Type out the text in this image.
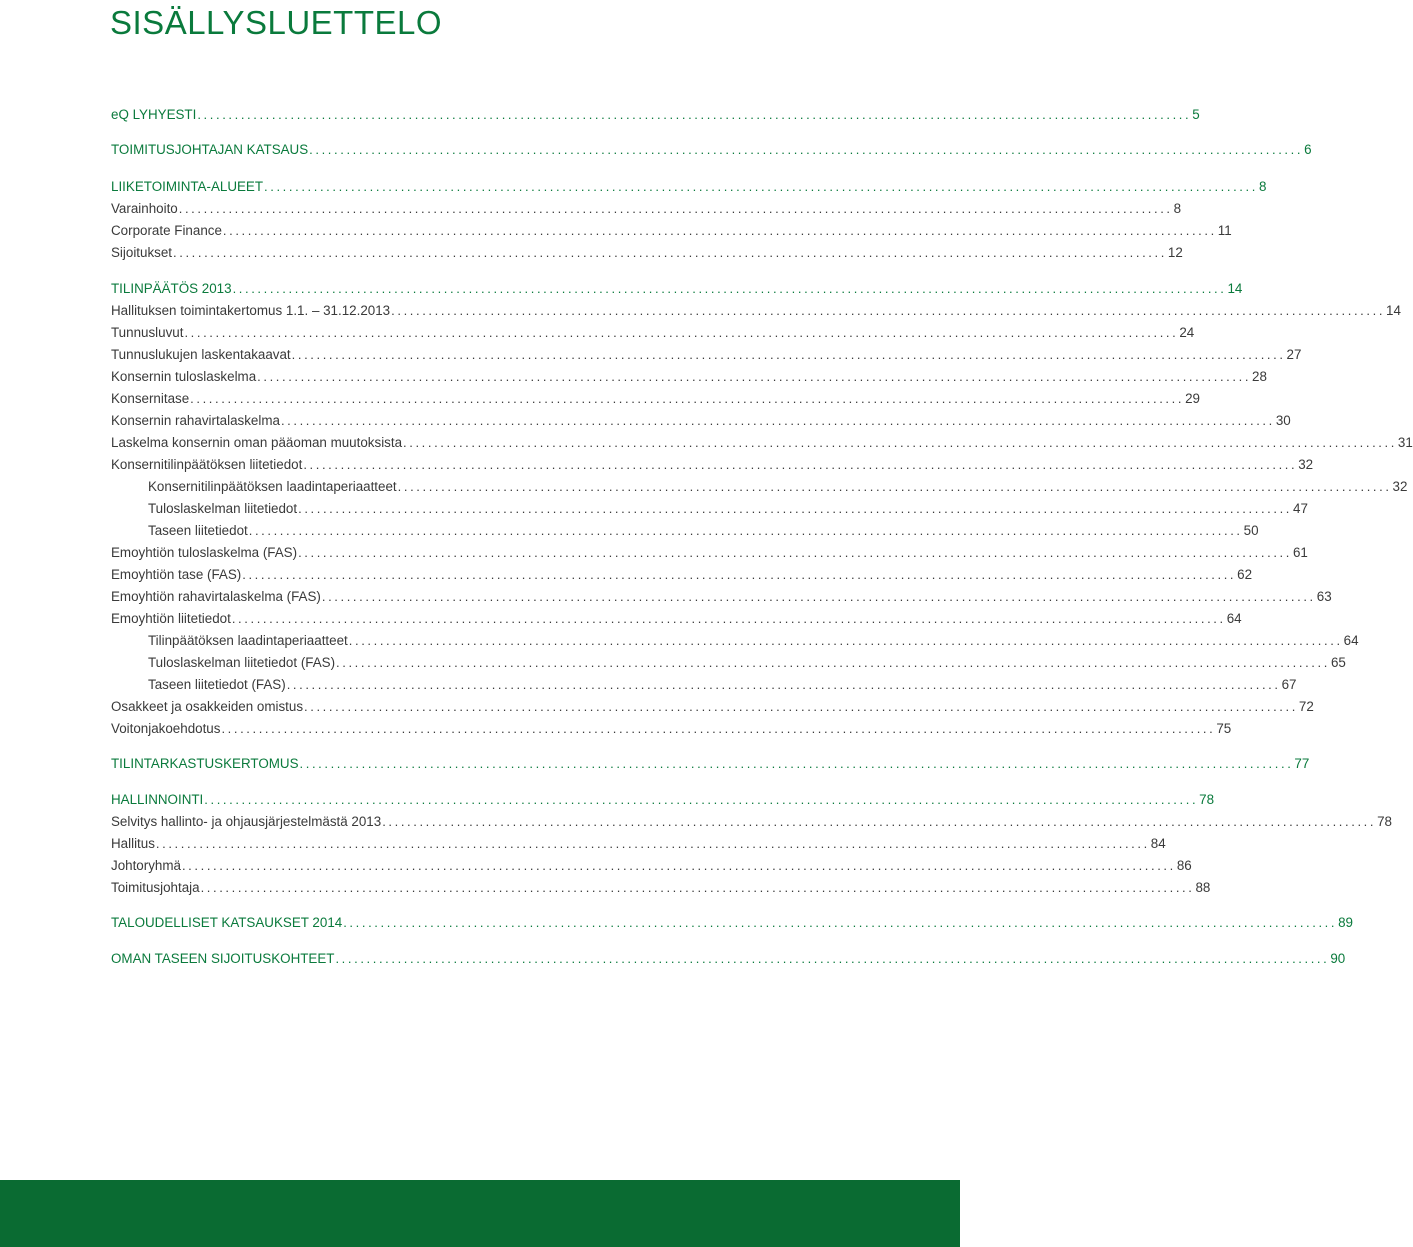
SISÄLLYSLUETTELO
eQ LYHYESTI ................................................................................................................................................................ 5
TOIMITUSJOHTAJAN KATSAUS ................................................................................................................................................................ 6
LIIKETOIMINTA-ALUEET ................................................................................................................................................................ 8
Varainhoito ................................................................................................................................................................ 8
Corporate Finance ................................................................................................................................................................ 11
Sijoitukset ................................................................................................................................................................ 12
TILINPÄÄTÖS 2013 ................................................................................................................................................................ 14
Hallituksen toimintakertomus 1.1. – 31.12.2013 ................................................................................................................................................................ 14
Tunnusluvut ................................................................................................................................................................ 24
Tunnuslukujen laskentakaavat ................................................................................................................................................................ 27
Konsernin tuloslaskelma ................................................................................................................................................................ 28
Konsernitase ................................................................................................................................................................ 29
Konsernin rahavirtalaskelma ................................................................................................................................................................ 30
Laskelma konsernin oman pääoman muutoksista ................................................................................................................................................................ 31
Konsernitilinpäätöksen liitetiedot ................................................................................................................................................................ 32
Konsernitilinpäätöksen laadintaperiaatteet ................................................................................................................................................................ 32
Tuloslaskelman liitetiedot ................................................................................................................................................................ 47
Taseen liitetiedot ................................................................................................................................................................ 50
Emoyhtiön tuloslaskelma (FAS) ................................................................................................................................................................ 61
Emoyhtiön tase (FAS) ................................................................................................................................................................ 62
Emoyhtiön rahavirtalaskelma (FAS) ................................................................................................................................................................ 63
Emoyhtiön liitetiedot ................................................................................................................................................................ 64
Tilinpäätöksen laadintaperiaatteet ................................................................................................................................................................ 64
Tuloslaskelman liitetiedot (FAS) ................................................................................................................................................................ 65
Taseen liitetiedot (FAS) ................................................................................................................................................................ 67
Osakkeet ja osakkeiden omistus ................................................................................................................................................................ 72
Voitonjakoehdotus ................................................................................................................................................................ 75
TILINTARKASTUSKERTOMUS ................................................................................................................................................................ 77
HALLINNOINTI ................................................................................................................................................................ 78
Selvitys hallinto- ja ohjausjärjestelmästä 2013 ................................................................................................................................................................ 78
Hallitus ................................................................................................................................................................ 84
Johtoryhmä ................................................................................................................................................................ 86
Toimitusjohtaja ................................................................................................................................................................ 88
TALOUDELLISET KATSAUKSET 2014 ................................................................................................................................................................ 89
OMAN TASEEN SIJOITUSKOHTEET ................................................................................................................................................................ 90
